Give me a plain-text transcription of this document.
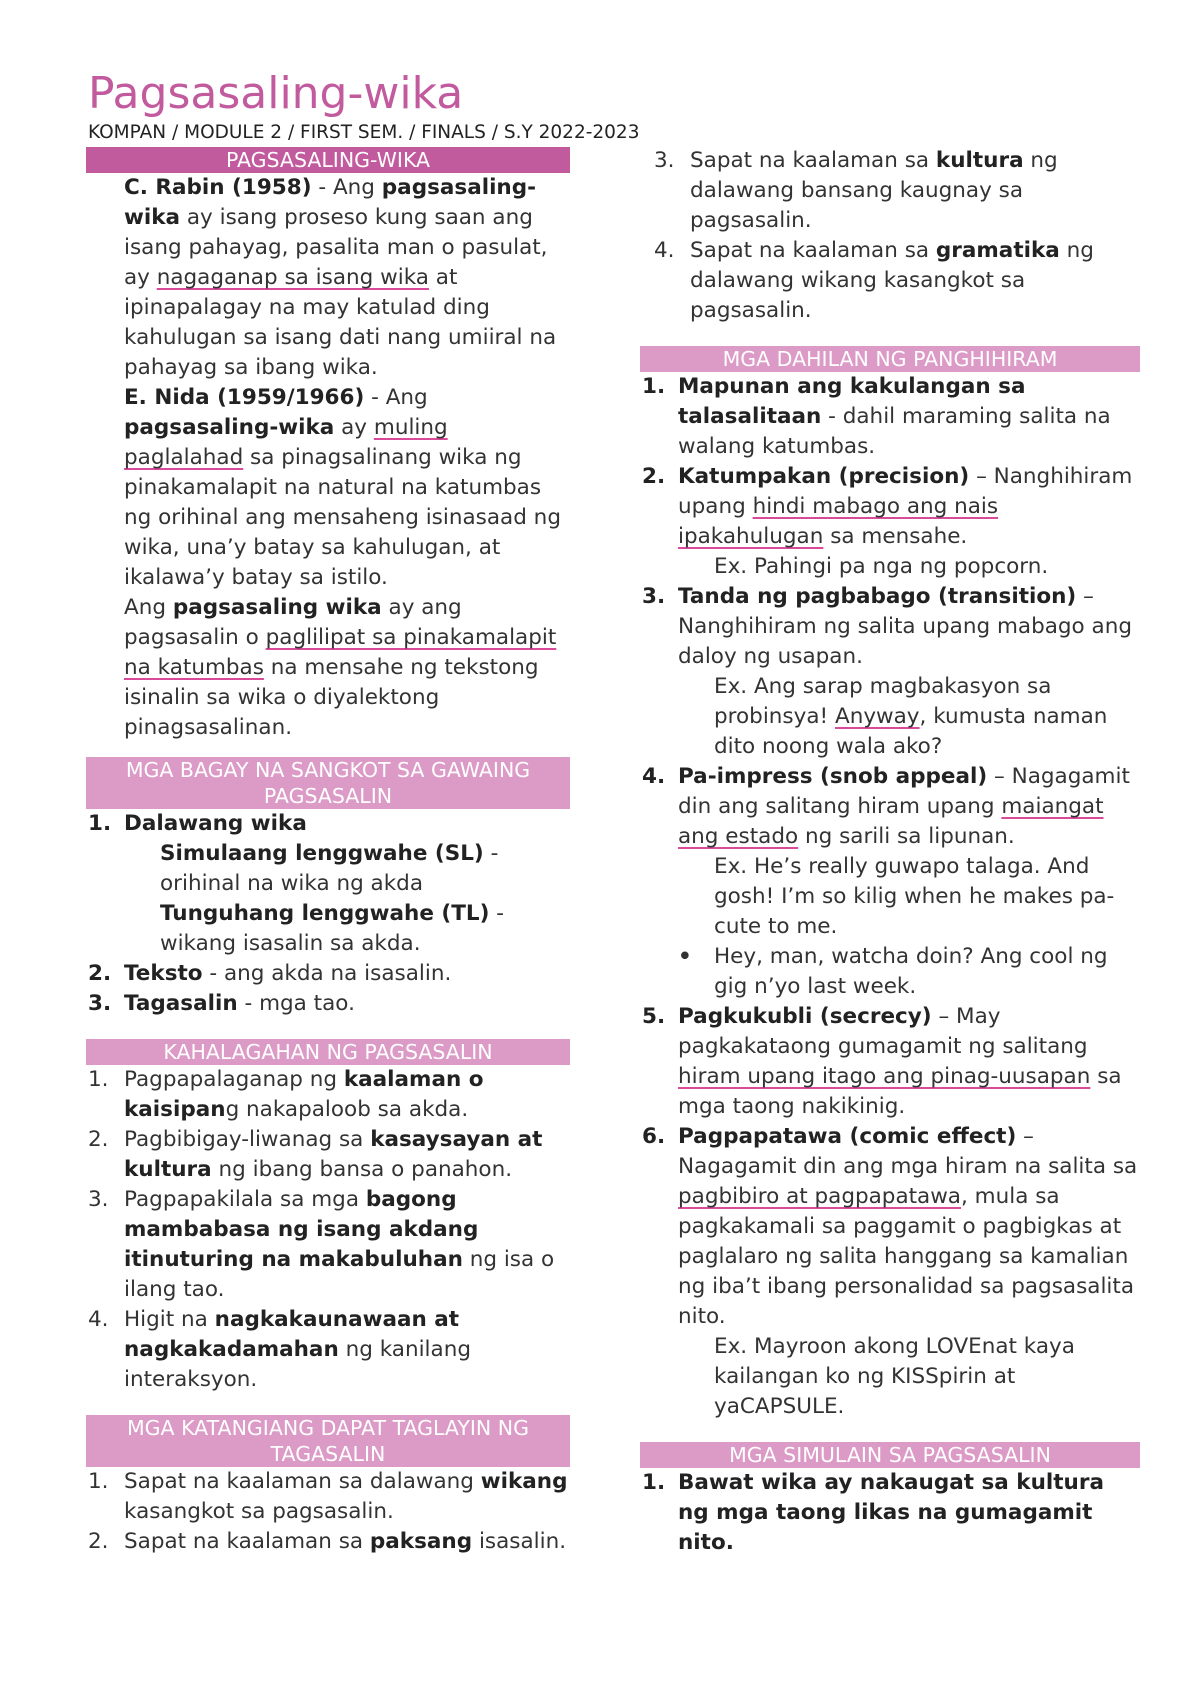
Pagsasaling-wika
KOMPAN / MODULE 2 / FIRST SEM. / FINALS / S.Y 2022-2023
PAGSASALING-WIKA

C. Rabin (1958) - Ang pagsasaling-wika ay isang proseso kung saan ang isang pahayag, pasalita man o pasulat, ay nagaganap sa isang wika at ipinapalagay na may katulad ding kahulugan sa isang dati nang umiiral na pahayag sa ibang wika.

E. Nida (1959/1966) - Ang pagsasaling-wika ay muling paglalahad sa pinagsalinang wika ng pinakamalapit na natural na katumbas ng orihinal ang mensaheng isinasaad ng wika, una’y batay sa kahulugan, at ikalawa’y batay sa istilo.

Ang pagsasaling wika ay ang pagsasalin o paglilipat sa pinakamalapit na katumbas na mensahe ng tekstong isinalin sa wika o diyalektong pinagsasalinan.

MGA BAGAY NA SANGKOT SA GAWAING PAGSASALIN
1. Dalawang wika
Simulaang lenggwahe (SL) - orihinal na wika ng akda
Tunguhang lenggwahe (TL) - wikang isasalin sa akda.
2. Teksto - ang akda na isasalin.
3. Tagasalin - mga tao.
KAHALAGAHAN NG PAGSASALIN
1. Pagpapalaganap ng kaalaman o kaisipang nakapaloob sa akda.
2. Pagbibigay-liwanag sa kasaysayan at kultura ng ibang bansa o panahon.
3. Pagpapakilala sa mga bagong mambabasa ng isang akdang itinuturing na makabuluhan ng isa o ilang tao.
4. Higit na nagkakaunawaan at nagkakadamahan ng kanilang interaksyon.
MGA KATANGIANG DAPAT TAGLAYIN NG TAGASALIN
1. Sapat na kaalaman sa dalawang wikang kasangkot sa pagsasalin.
2. Sapat na kaalaman sa paksang isasalin.
3. Sapat na kaalaman sa kultura ng dalawang bansang kaugnay sa pagsasalin.
4. Sapat na kaalaman sa gramatika ng dalawang wikang kasangkot sa pagsasalin.
MGA DAHILAN NG PANGHIHIRAM
1. Mapunan ang kakulangan sa talasalitaan - dahil maraming salita na walang katumbas.
2. Katumpakan (precision) – Nanghihiram upang hindi mabago ang nais ipakahulugan sa mensahe.
Ex. Pahingi pa nga ng popcorn.
3. Tanda ng pagbabago (transition) – Nanghihiram ng salita upang mabago ang daloy ng usapan.
Ex. Ang sarap magbakasyon sa probinsya! Anyway, kumusta naman dito noong wala ako?
4. Pa-impress (snob appeal) – Nagagamit din ang salitang hiram upang maiangat ang estado ng sarili sa lipunan.
Ex. He’s really guwapo talaga. And gosh! I’m so kilig when he makes pa-cute to me.
• Hey, man, watcha doin? Ang cool ng gig n’yo last week.
5. Pagkukubli (secrecy) – May pagkakataong gumagamit ng salitang hiram upang itago ang pinag-uusapan sa mga taong nakikinig.
6. Pagpapatawa (comic effect) – Nagagamit din ang mga hiram na salita sa pagbibiro at pagpapatawa, mula sa pagkakamali sa paggamit o pagbigkas at paglalaro ng salita hanggang sa kamalian ng iba’t ibang personalidad sa pagsasalita nito.
Ex. Mayroon akong LOVEnat kaya kailangan ko ng KISSpirin at yaCAPSULE.
MGA SIMULAIN SA PAGSASALIN
1. Bawat wika ay nakaugat sa kultura ng mga taong likas na gumagamit nito.
